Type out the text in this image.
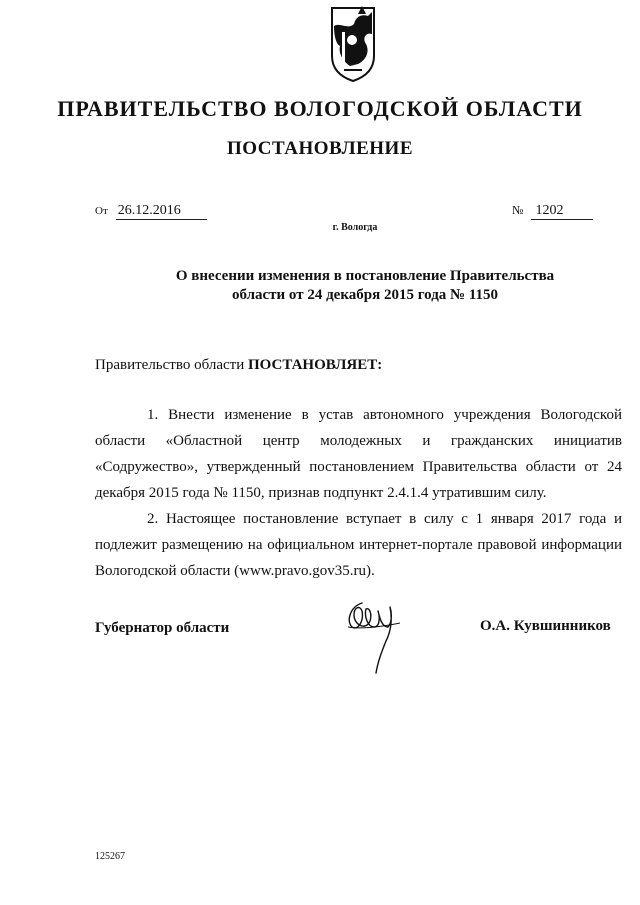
ПРАВИТЕЛЬСТВО ВОЛОГОДСКОЙ ОБЛАСТИ
ПОСТАНОВЛЕНИЕ
От 26.12.2016	№ 1202
г. Вологда
О внесении изменения в постановление Правительства
области от 24 декабря 2015 года № 1150
Правительство области ПОСТАНОВЛЯЕТ:

1. Внести изменение в устав автономного учреждения Вологодской области «Областной центр молодежных и гражданских инициатив «Содружество», утвержденный постановлением Правительства области от 24 декабря 2015 года № 1150, признав подпункт 2.4.1.4 утратившим силу.

2. Настоящее постановление вступает в силу с 1 января 2017 года и подлежит размещению на официальном интернет-портале правовой информации Вологодской области (www.pravo.gov35.ru).

Губернатор области	О.А. Кувшинников
125267
